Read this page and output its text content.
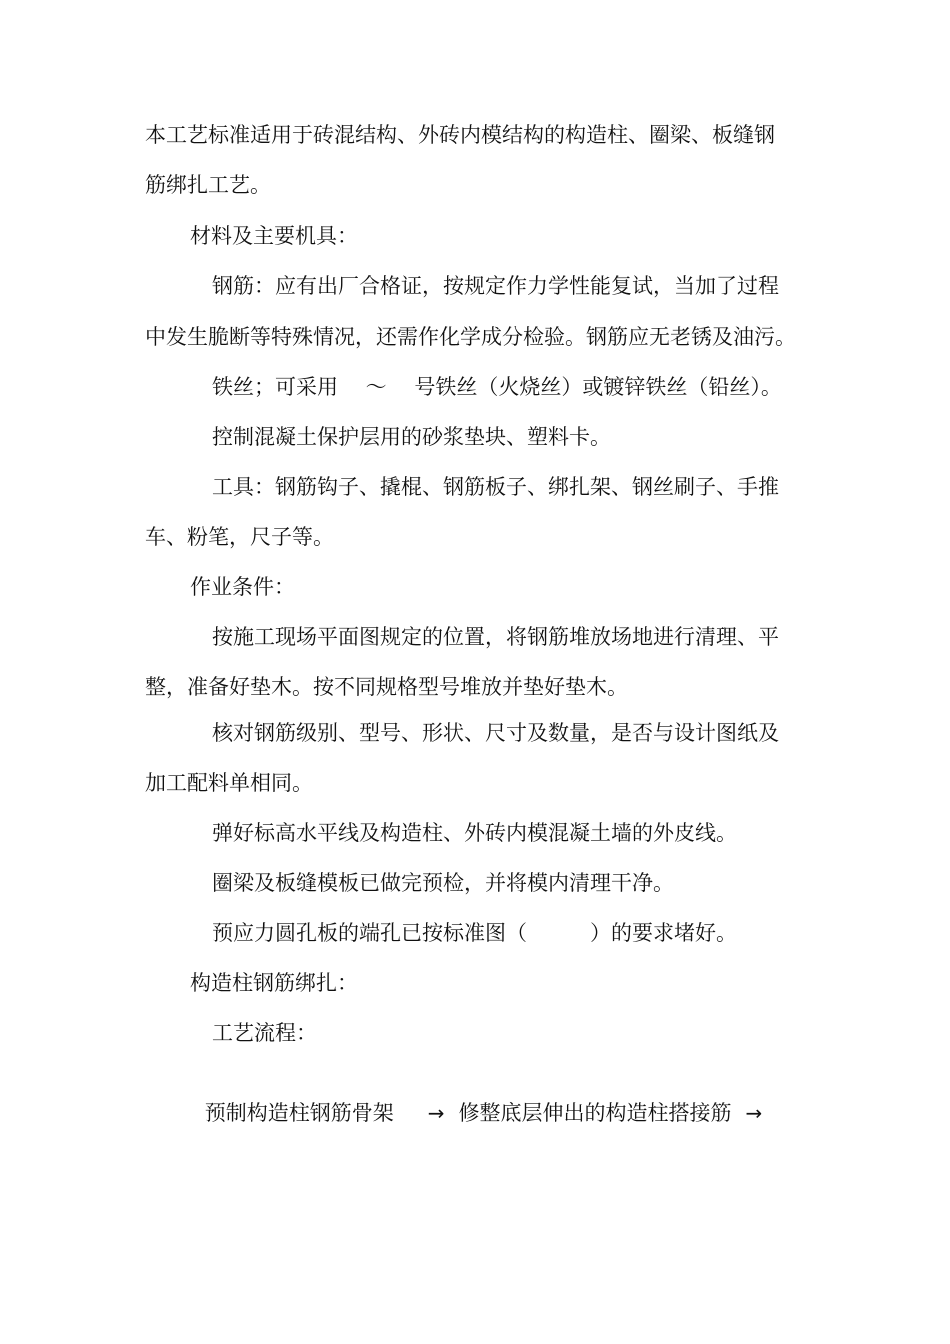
本工艺标准适用于砖混结构、外砖内模结构的构造柱、圈梁、板缝钢
筋绑扎工艺。
材料及主要机具：
钢筋：应有出厂合格证，按规定作力学性能复试，当加了过程
中发生脆断等特殊情况，还需作化学成分检验。钢筋应无老锈及油污。
铁丝；可采用　 ～　 号铁丝（火烧丝）或镀锌铁丝（铅丝）。
控制混凝土保护层用的砂浆垫块、塑料卡。
工具：钢筋钩子、撬棍、钢筋板子、绑扎架、钢丝刷子、手推
车、粉笔，尺子等。
作业条件：
按施工现场平面图规定的位置，将钢筋堆放场地进行清理、平
整，准备好垫木。按不同规格型号堆放并垫好垫木。
核对钢筋级别、型号、形状、尺寸及数量，是否与设计图纸及
加工配料单相同。
弹好标高水平线及构造柱、外砖内模混凝土墙的外皮线。
圈梁及板缝模板已做完预检，并将模内清理干净。
预应力圆孔板的端孔已按标准图（　　　）的要求堵好。
构造柱钢筋绑扎：
工艺流程：

预制构造柱钢筋骨架 → 修整底层伸出的构造柱搭接筋 →
